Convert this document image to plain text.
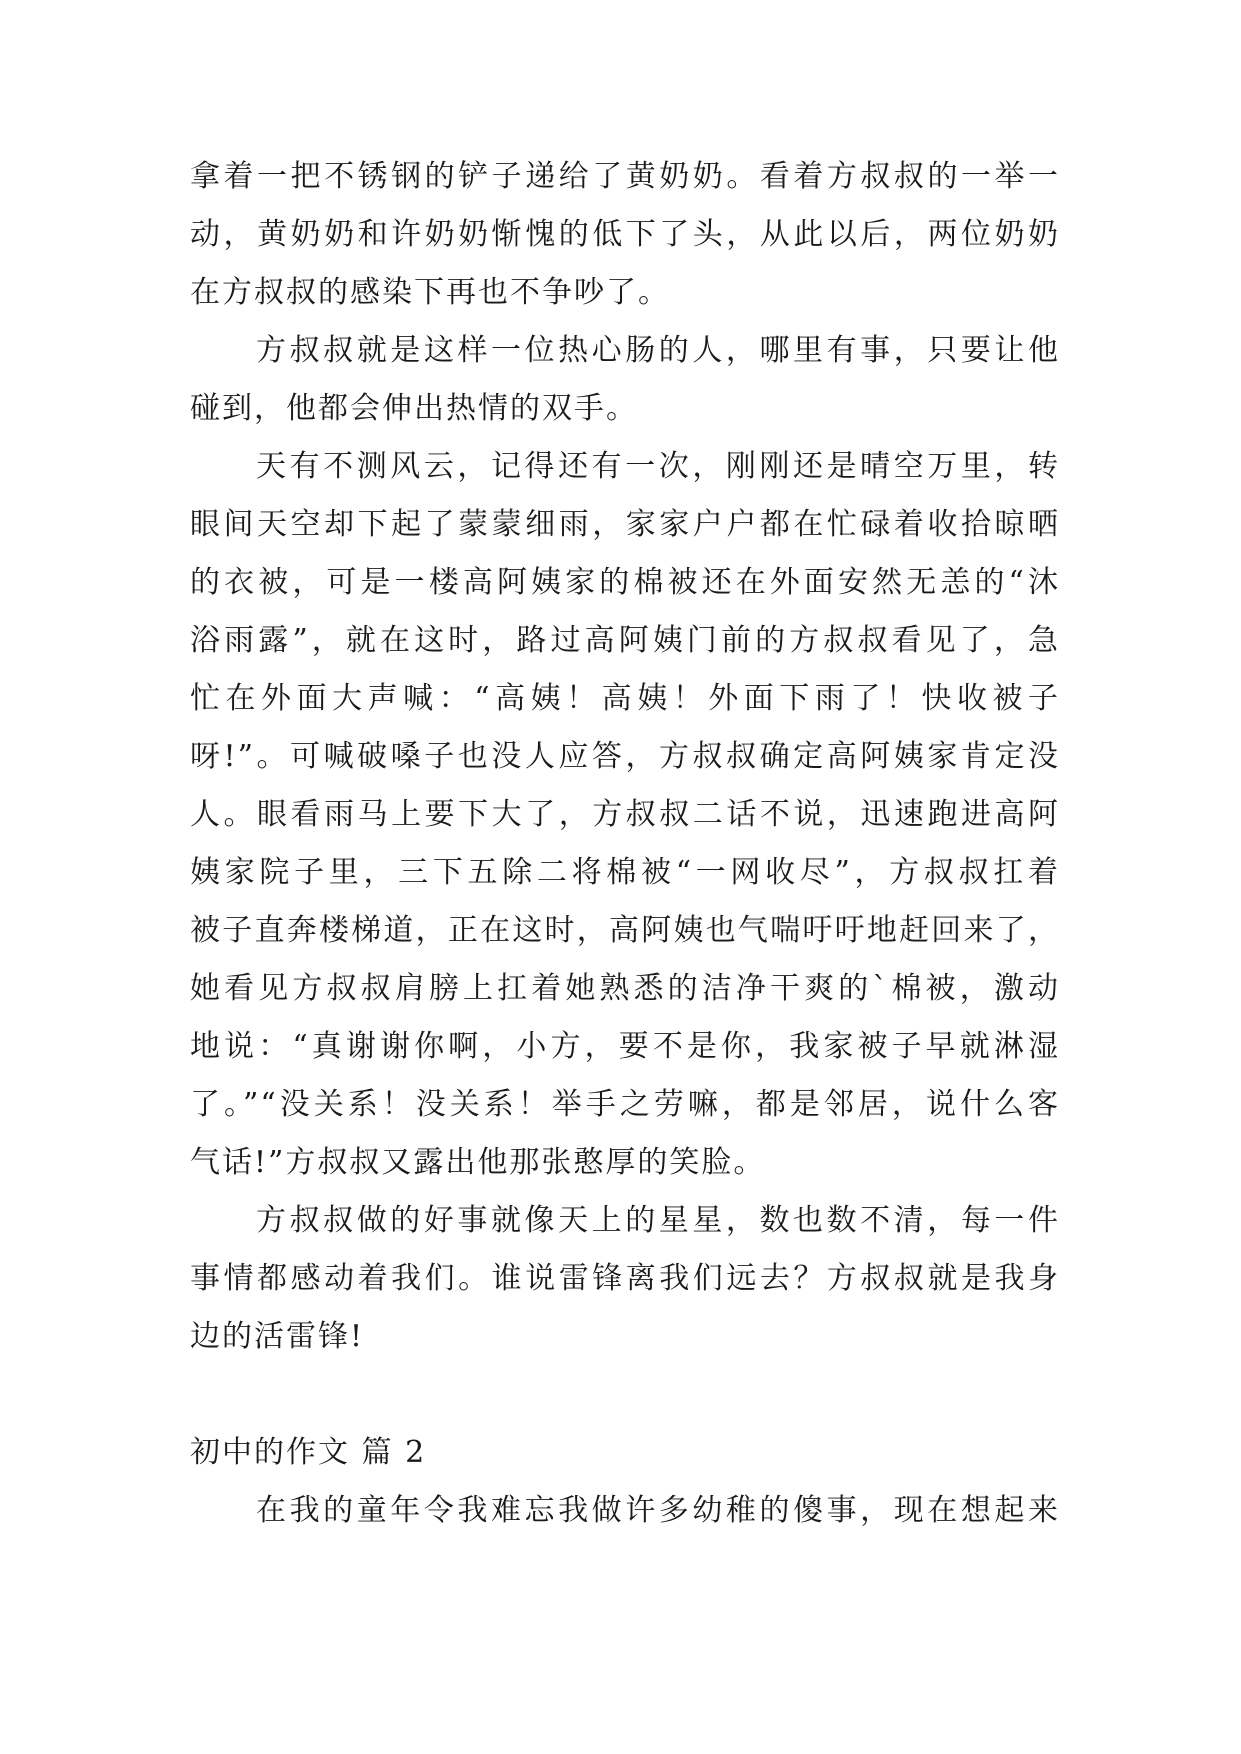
拿着一把不锈钢的铲子递给了黄奶奶。看着方叔叔的一举一
动，黄奶奶和许奶奶惭愧的低下了头，从此以后，两位奶奶
在方叔叔的感染下再也不争吵了。
方叔叔就是这样一位热心肠的人，哪里有事，只要让他
碰到，他都会伸出热情的双手。
天有不测风云，记得还有一次，刚刚还是晴空万里，转
眼间天空却下起了蒙蒙细雨，家家户户都在忙碌着收拾晾晒
的衣被，可是一楼高阿姨家的棉被还在外面安然无恙的“沐
浴雨露”，就在这时，路过高阿姨门前的方叔叔看见了，急
忙在外面大声喊：“高姨！高姨！外面下雨了！快收被子
呀!”。可喊破嗓子也没人应答，方叔叔确定高阿姨家肯定没
人。眼看雨马上要下大了，方叔叔二话不说，迅速跑进高阿
姨家院子里，三下五除二将棉被“一网收尽”，方叔叔扛着
被子直奔楼梯道，正在这时，高阿姨也气喘吁吁地赶回来了，
她看见方叔叔肩膀上扛着她熟悉的洁净干爽的`棉被，激动
地说：“真谢谢你啊，小方，要不是你，我家被子早就淋湿
了。”“没关系！没关系！举手之劳嘛，都是邻居，说什么客
气话!”方叔叔又露出他那张憨厚的笑脸。
方叔叔做的好事就像天上的星星，数也数不清，每一件
事情都感动着我们。谁说雷锋离我们远去？方叔叔就是我身
边的活雷锋!
初中的作文 篇 2
在我的童年令我难忘我做许多幼稚的傻事，现在想起来
